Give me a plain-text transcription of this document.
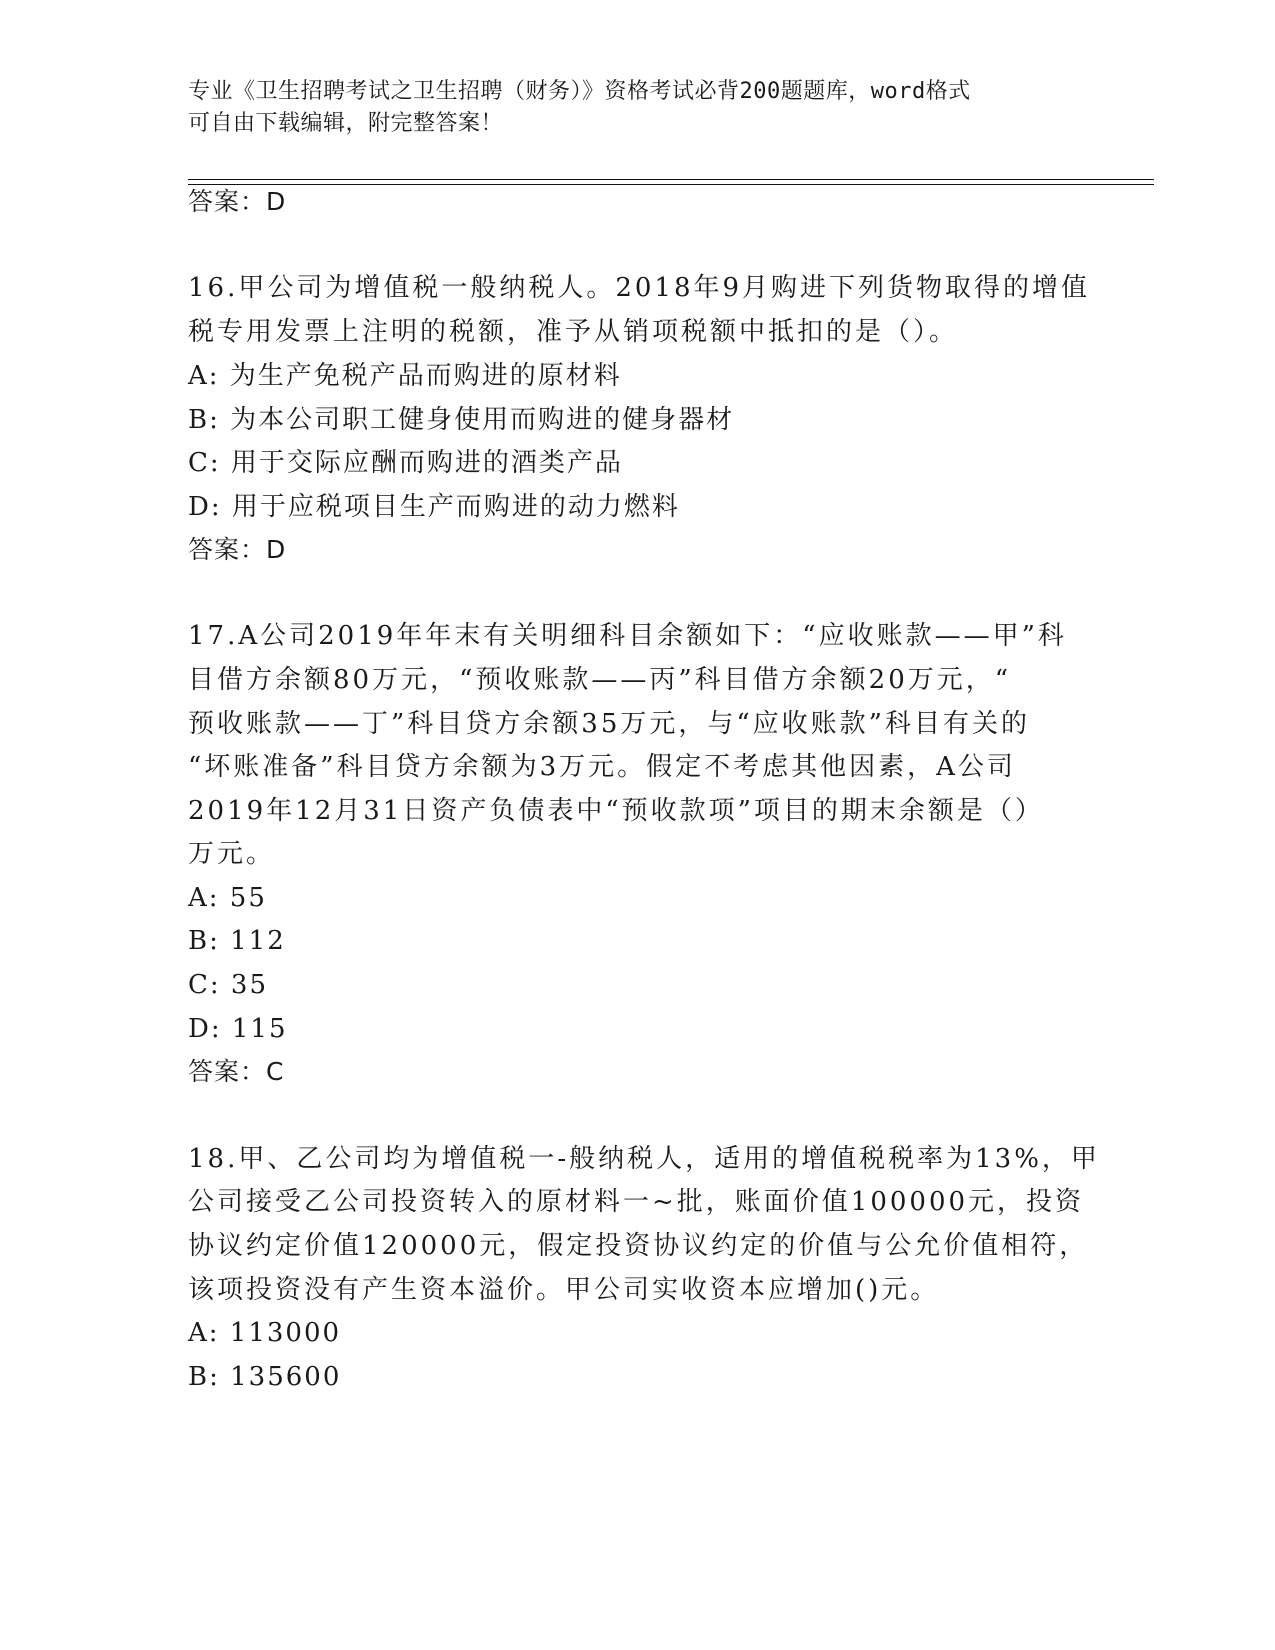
专业《卫生招聘考试之卫生招聘（财务）》资格考试必背200题题库，word格式
可自由下载编辑，附完整答案！
答案：D
16.甲公司为增值税一般纳税人。2018年9月购进下列货物取得的增值
税专用发票上注明的税额，准予从销项税额中抵扣的是（）。
A: 为生产免税产品而购进的原材料
B: 为本公司职工健身使用而购进的健身器材
C: 用于交际应酬而购进的酒类产品
D: 用于应税项目生产而购进的动力燃料
答案：D
17.A公司2019年年末有关明细科目余额如下：“应收账款——甲”科
目借方余额80万元，“预收账款——丙”科目借方余额20万元，“
预收账款——丁”科目贷方余额35万元，与“应收账款”科目有关的
“坏账准备”科目贷方余额为3万元。假定不考虑其他因素，A公司
2019年12月31日资产负债表中“预收款项”项目的期末余额是（）
万元。
A: 55
B: 112
C: 35
D: 115
答案：C
18.甲、乙公司均为增值税一-般纳税人，适用的增值税税率为13%，甲
公司接受乙公司投资转入的原材料一~批，账面价值100000元，投资
协议约定价值120000元，假定投资协议约定的价值与公允价值相符，
该项投资没有产生资本溢价。甲公司实收资本应增加()元。
A: 113000
B: 135600
